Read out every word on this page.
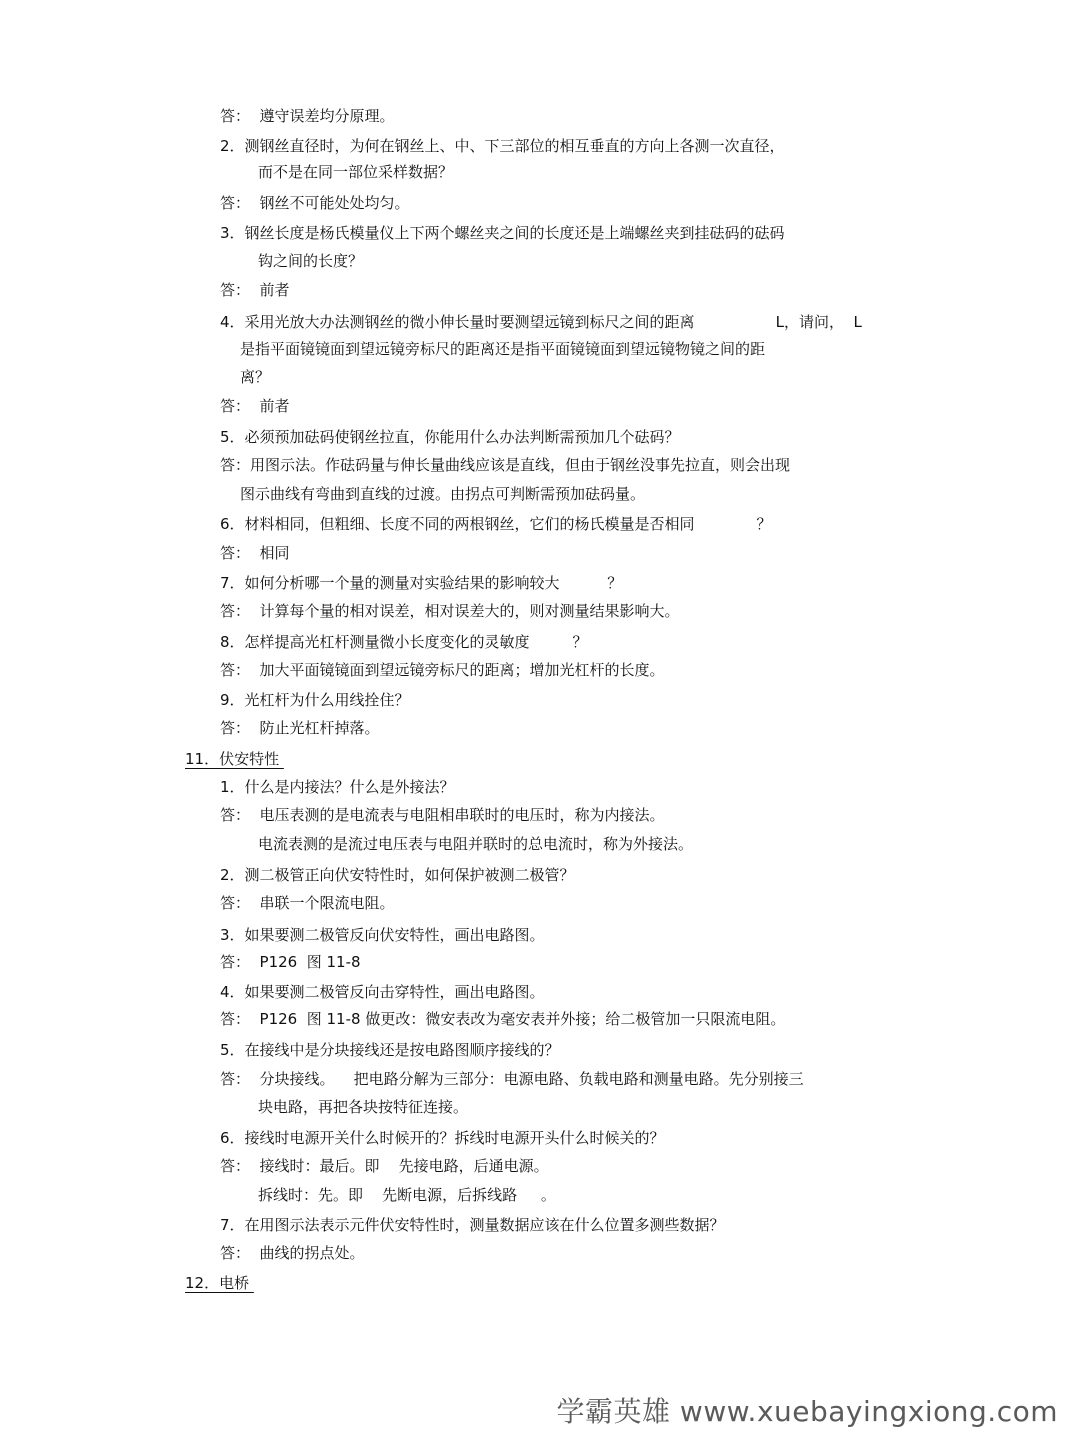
答：  遵守误差均分原理。
2．测钢丝直径时，为何在钢丝上、中、下三部位的相互垂直的方向上各测一次直径，
而不是在同一部位采样数据？
答：  钢丝不可能处处均匀。
3．钢丝长度是杨氏模量仪上下两个螺丝夹之间的长度还是上端螺丝夹到挂砝码的砝码
钩之间的长度？
答：  前者
4．采用光放大办法测钢丝的微小伸长量时要测望远镜到标尺之间的距离                 L，请问，  L
是指平面镜镜面到望远镜旁标尺的距离还是指平面镜镜面到望远镜物镜之间的距
离？
答：  前者
5．必须预加砝码使钢丝拉直，你能用什么办法判断需预加几个砝码？
答：用图示法。作砝码量与伸长量曲线应该是直线，但由于钢丝没事先拉直，则会出现
图示曲线有弯曲到直线的过渡。由拐点可判断需预加砝码量。
6．材料相同，但粗细、长度不同的两根钢丝，它们的杨氏模量是否相同             ？
答：  相同
7．如何分析哪一个量的测量对实验结果的影响较大          ？
答：  计算每个量的相对误差，相对误差大的，则对测量结果影响大。
8．怎样提高光杠杆测量微小长度变化的灵敏度         ？
答：  加大平面镜镜面到望远镜旁标尺的距离；增加光杠杆的长度。
9．光杠杆为什么用线拴住？
答：  防止光杠杆掉落。
11．伏安特性
1．什么是内接法？什么是外接法？
答：  电压表测的是电流表与电阻相串联时的电压时，称为内接法。
电流表测的是流过电压表与电阻并联时的总电流时，称为外接法。
2．测二极管正向伏安特性时，如何保护被测二极管？
答：  串联一个限流电阻。
3．如果要测二极管反向伏安特性，画出电路图。
答：  P126  图 11-8
4．如果要测二极管反向击穿特性，画出电路图。
答：  P126  图 11-8 做更改：微安表改为毫安表并外接；给二极管加一只限流电阻。
5．在接线中是分块接线还是按电路图顺序接线的？
答：  分块接线。    把电路分解为三部分：电源电路、负载电路和测量电路。先分别接三
块电路，再把各块按特征连接。
6．接线时电源开关什么时候开的？拆线时电源开头什么时候关的？
答：  接线时：最后。即    先接电路，后通电源。
拆线时：先。即    先断电源，后拆线路     。
7．在用图示法表示元件伏安特性时，测量数据应该在什么位置多测些数据？
答：  曲线的拐点处。
12．电桥
学霸英雄 www.xuebayingxiong.com
